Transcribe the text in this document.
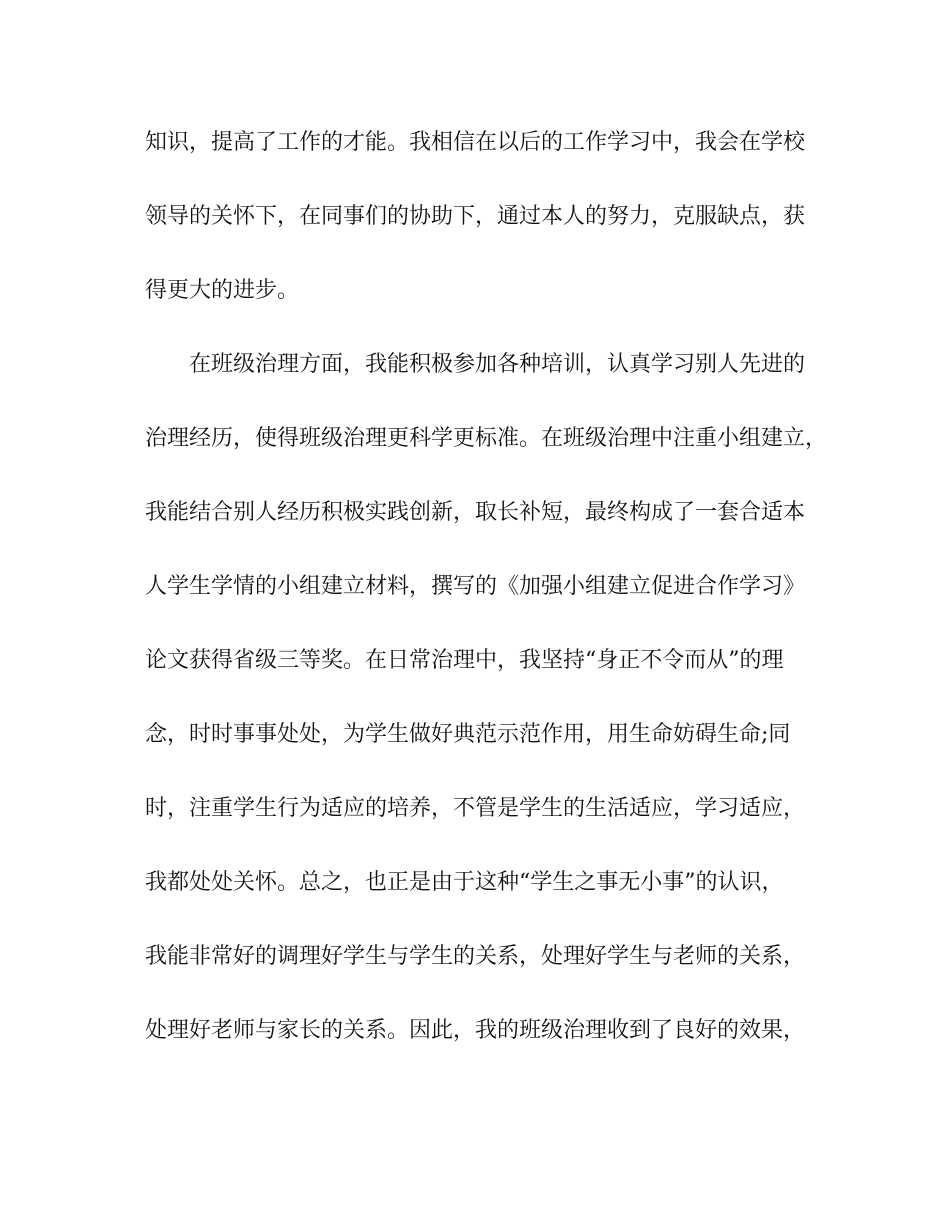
知识，提高了工作的才能。我相信在以后的工作学习中，我会在学校
领导的关怀下，在同事们的协助下，通过本人的努力，克服缺点，获
得更大的进步。
在班级治理方面，我能积极参加各种培训，认真学习别人先进的
治理经历，使得班级治理更科学更标准。在班级治理中注重小组建立，
我能结合别人经历积极实践创新，取长补短，最终构成了一套合适本
人学生学情的小组建立材料，撰写的《加强小组建立促进合作学习》
论文获得省级三等奖。在日常治理中，我坚持“身正不令而从”的理
念，时时事事处处，为学生做好典范示范作用，用生命妨碍生命;同
时，注重学生行为适应的培养，不管是学生的生活适应，学习适应，
我都处处关怀。总之，也正是由于这种“学生之事无小事”的认识，
我能非常好的调理好学生与学生的关系，处理好学生与老师的关系，
处理好老师与家长的关系。因此，我的班级治理收到了良好的效果，
